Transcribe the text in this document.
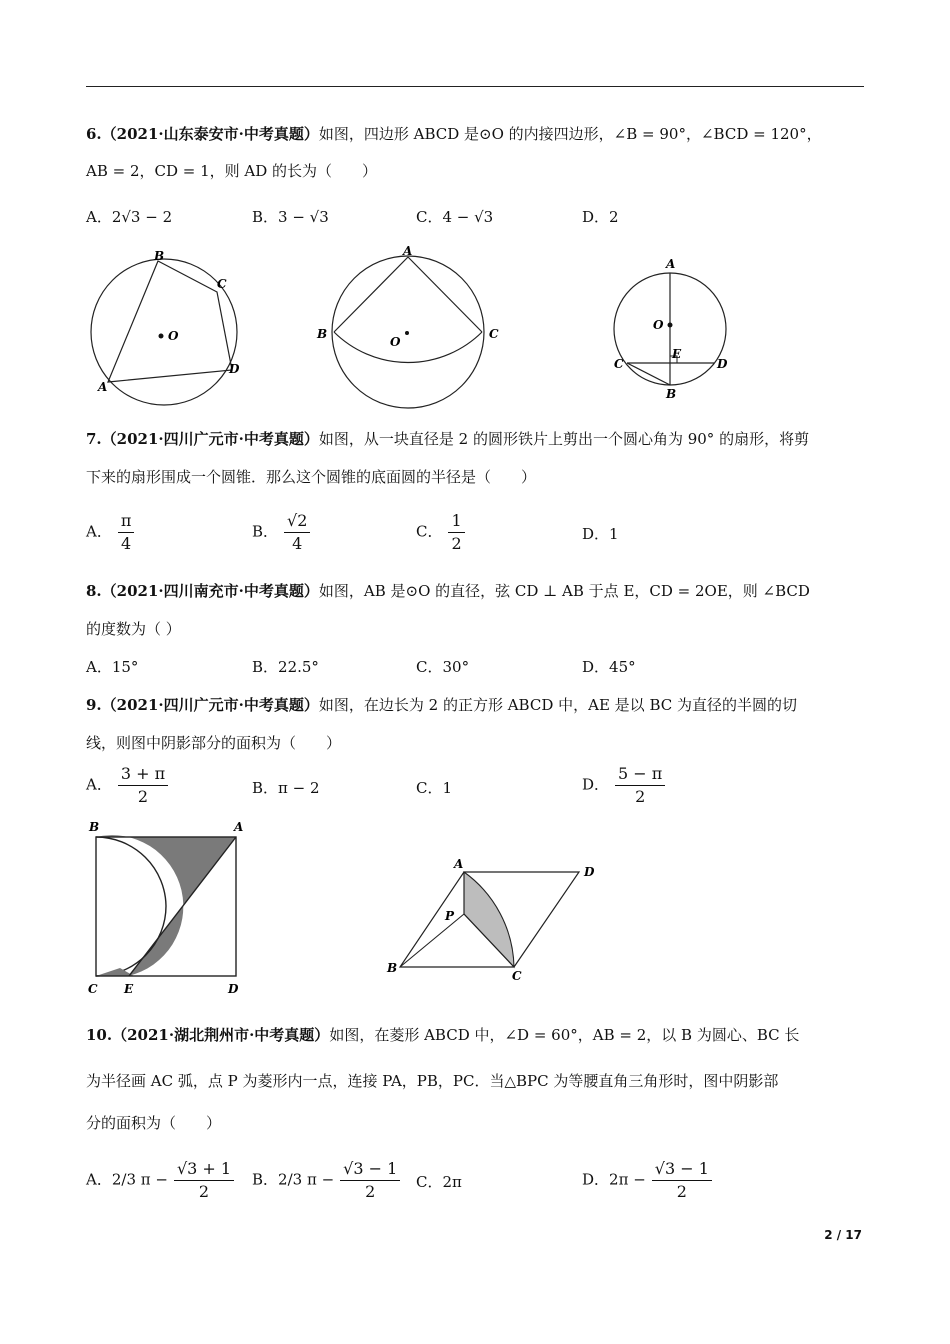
6.（2021·山东泰安市·中考真题）如图，四边形 ABCD 是⊙O 的内接四边形，∠B = 90°，∠BCD = 120°，
AB = 2，CD = 1，则 AD 的长为（　　）
A．2√3 − 2	B．3 − √3	C．4 − √3	D．2
B
C
D
A
O
A
B	C
O
A
O
E
C	D
B
7.（2021·四川广元市·中考真题）如图，从一块直径是 2 的圆形铁片上剪出一个圆心角为 90° 的扇形，将剪
下来的扇形围成一个圆锥．那么这个圆锥的底面圆的半径是（　　）
A． $\frac{\pi}{4}$	B． $\frac{√2}{4}$	C． $\frac{1}{2}$	D．1
8.（2021·四川南充市·中考真题）如图，AB 是⊙O 的直径，弦 CD ⊥ AB 于点 E，CD = 2OE，则 ∠BCD
的度数为（ ）
A．15°	B．22.5°	C．30°	D．45°
9.（2021·四川广元市·中考真题）如图，在边长为 2 的正方形 ABCD 中，AE 是以 BC 为直径的半圆的切
线，则图中阴影部分的面积为（　　）
A． $\frac{3 + \pi}{2}$	B．π − 2	C．1	D． $\frac{5 - \pi}{2}$
B	A
C E	D
A
D
P
B
C
10.（2021·湖北荆州市·中考真题）如图，在菱形 ABCD 中，∠D = 60°，AB = 2，以 B 为圆心、BC 长
为半径画 AC 弧，点 P 为菱形内一点，连接 PA，PB，PC．当△BPC 为等腰直角三角形时，图中阴影部
分的面积为（　　）
A．2/3 $\pi - \frac{√3 + 1}{2}$ B．2/3 $\pi - \frac{√3 - 1}{2}$ C．2π	D．$2\pi - \frac{√3 - 1}{2}$
2 / 17
